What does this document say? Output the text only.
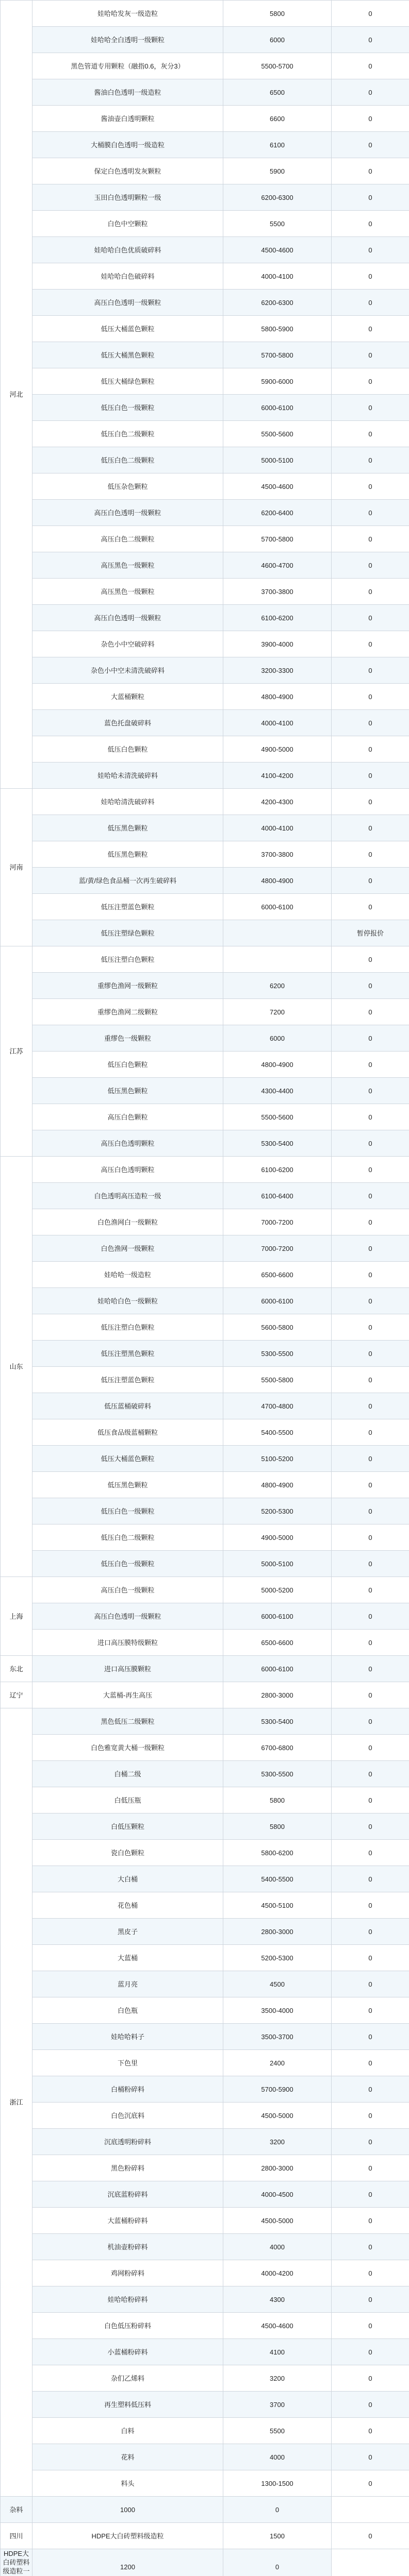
河北	娃哈哈发灰一级造粒	5800	0
	娃哈哈全白透明一级颗粒	6000	0
	黑色管道专用颗粒（融指0.6，灰分3）	5500-5700	0
	酱油白色透明一级造粒	6500	0
	酱油壶白透明颗粒	6600	0
	大桶膜白色透明一级造粒	6100	0
	保定白色透明发灰颗粒	5900	0
	玉田白色透明颗粒一级	6200-6300	0
	白色中空颗粒	5500	0
	娃哈哈白色优质破碎料	4500-4600	0
	娃哈哈白色破碎料	4000-4100	0
	高压白色透明一级颗粒	6200-6300	0
	低压大桶蓝色颗粒	5800-5900	0
	低压大桶黑色颗粒	5700-5800	0
	低压大桶绿色颗粒	5900-6000	0
	低压白色一级颗粒	6000-6100	0
	低压白色二级颗粒	5500-5600	0
	低压白色二级颗粒	5000-5100	0
	低压杂色颗粒	4500-4600	0
	高压白色透明一级颗粒	6200-6400	0
	高压白色二级颗粒	5700-5800	0
	高压黑色一级颗粒	4600-4700	0
	高压黑色一级颗粒	3700-3800	0
	高压白色透明一级颗粒	6100-6200	0
	杂色小中空破碎料	3900-4000	0
	杂色小中空未清洗破碎料	3200-3300	0
	大蓝桶颗粒	4800-4900	0
	蓝色托盘破碎料	4000-4100	0
	低压白色颗粒	4900-5000	0
	娃哈哈未清洗破碎料	4100-4200	0
河南	娃哈哈清洗破碎料	4200-4300	0
	低压黑色颗粒	4000-4100	0
	低压黑色颗粒	3700-3800	0
	蓝/黄/绿色食品桶一次再生破碎料	4800-4900	0
	低压注塑蓝色颗粒	6000-6100	0
	低压注塑绿色颗粒		暂停报价
江苏	低压注塑白色颗粒		0
	重缪色渔网一级颗粒	6200	0
	重缪色渔网二级颗粒	7200	0
	重缪色一级颗粒	6000	0
	低压白色颗粒	4800-4900	0
	低压黑色颗粒	4300-4400	0
	高压白色颗粒	5500-5600	0
	高压白色透明颗粒	5300-5400	0
山东	高压白色透明颗粒	6100-6200	0
	白色透明高压造粒一级	6100-6400	0
	白色渔网白一级颗粒	7000-7200	0
	白色渔网一级颗粒	7000-7200	0
	娃哈哈一级造粒	6500-6600	0
	娃哈哈白色一级颗粒	6000-6100	0
	低压注塑白色颗粒	5600-5800	0
	低压注塑黑色颗粒	5300-5500	0
	低压注塑蓝色颗粒	5500-5800	0
	低压蓝桶破碎料	4700-4800	0
	低压食品级蓝桶颗粒	5400-5500	0
	低压大桶蓝色颗粒	5100-5200	0
	低压黑色颗粒	4800-4900	0
	低压白色一级颗粒	5200-5300	0
	低压白色二级颗粒	4900-5000	0
	低压白色一级颗粒	5000-5100	0
上海	高压白色一级颗粒	5000-5200	0
	高压白色透明一级颗粒	6000-6100	0
	进口高压膜特级颗粒	6500-6600	0
东北	进口高压膜颗粒	6000-6100	0
辽宁	大蓝桶-再生高压	2800-3000	0
浙江	黑色低压二级颗粒	5300-5400	0
	白色雅宽黄大桶一级颗粒	6700-6800	0
	白桶二级	5300-5500	0
	白低压瓶	5800	0
	白低压颗粒	5800	0
	瓷白色颗粒	5800-6200	0
	大白桶	5400-5500	0
	花色桶	4500-5100	0
	黑皮子	2800-3000	0
	大蓝桶	5200-5300	0
	蓝月亮	4500	0
	白色瓶	3500-4000	0
	娃哈哈料子	3500-3700	0
	下色里	2400	0
	白桶粉碎料	5700-5900	0
	白色沉底料	4500-5000	0
	沉底透明粉碎料	3200	0
	黑色粉碎料	2800-3000	0
	沉底蓝粉碎料	4000-4500	0
	大蓝桶粉碎料	4500-5000	0
	机油壶粉碎料	4000	0
	鸡网粉碎料	4000-4200	0
	娃哈哈粉碎料	4300	0
	白色低压粉碎料	4500-4600	0
	小蓝桶粉碎料	4100	0
	杂们乙烯料	3200	0
	再生塑料低压料	3700	0
	白料	5500	0
	花料	4000	0
	料头	1300-1500	0
杂料	1000	0	
四川	HDPE大白砖塑料级造粒	1500	0
HDPE大白砖塑料级造粒一	1200	0	
